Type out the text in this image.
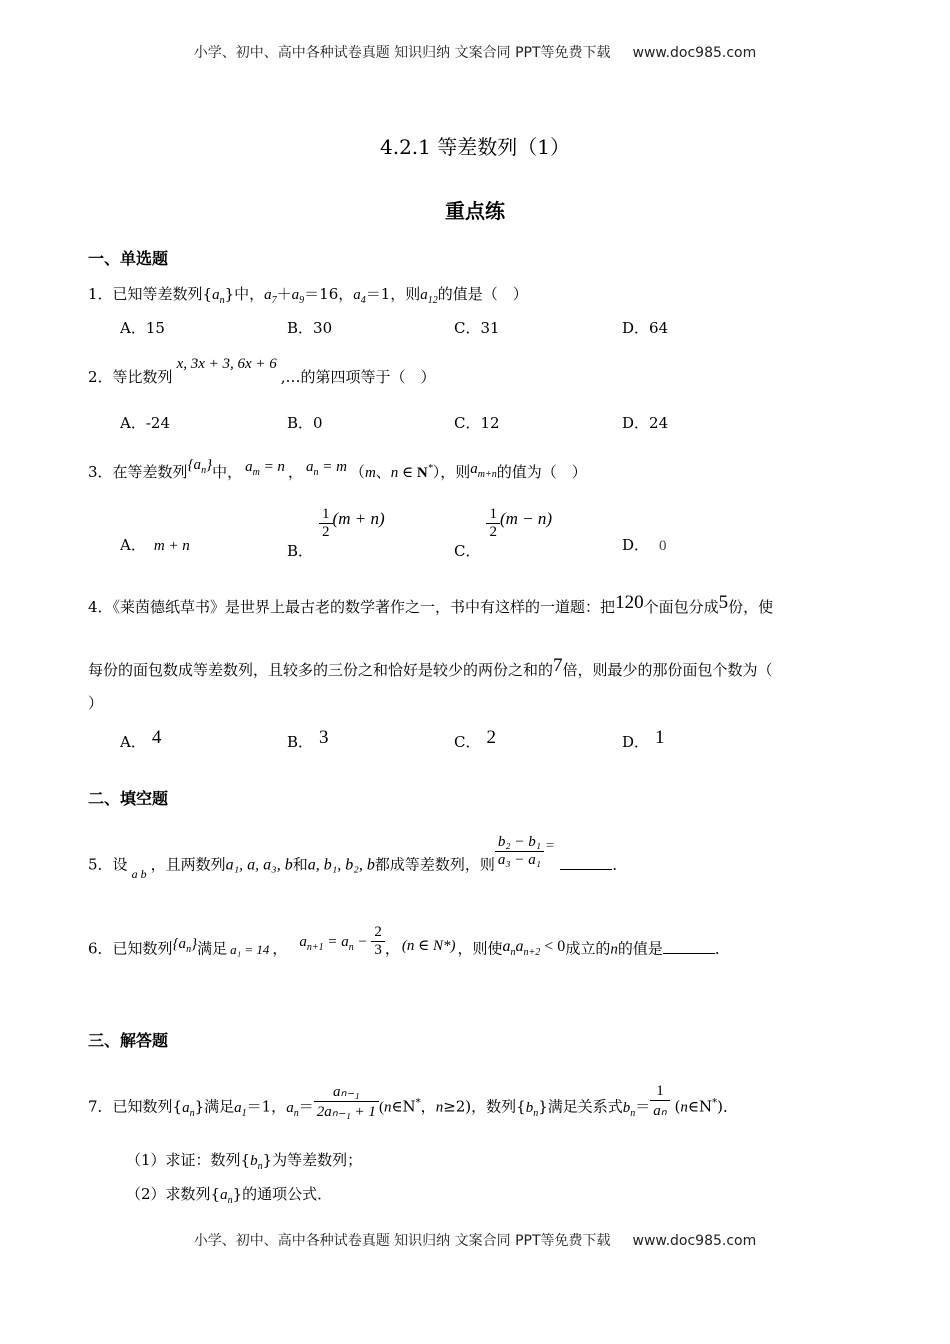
小学、初中、高中各种试卷真题 知识归纳 文案合同 PPT等免费下载 www.doc985.com
4.2.1 等差数列（1）
重点练
一、单选题
1．已知等差数列$\{a_n\}$中，$a_7+a_9=16$，$a_4=1$，则$a_{12}$的值是（　）
A．15	B．30	C．31	D．64
2．等比数列x, 3x + 3, 6x + 6,…的第四项等于（　）
A．-24	B．0	C．12	D．24
3．在等差数列$\{a_n\}$中， $a_m = n$ ， $a_n = m$ （m、n ∈ N*），则$a_{m+n}$的值为（　）
A． m + n	B．
$\frac{1}{2} (m + n)$
C．
$\frac{1}{2} (m - n)$
D． 0
4．《莱茵德纸草书》是世界上最古老的数学著作之一，书中有这样的一道题：把120个面包分成5份，使
每份的面包数成等差数列，且较多的三份之和恰好是较少的两份之和的7倍，则最少的那份面包个数为（
）
A． 4	B． 3	C． 2	D． 1
二、填空题
5．设 $_{a b}$ ，且两数列a₁, a, a₃, b和a, b₁, b₂, b都成等差数列，则 $\frac{\text{b₂ − b₁}}{\text{a₃ − a₁}}$ =．
6．已知数列$\{a_n\}$满足 a₁ = 14 ， $a_{n+1} = a_n - \frac{2}{3}$ ， (n ∈ N*) ，则使$a_na_{n+2} < 0$成立的n的值是	．
三、解答题
7．已知数列$\{a_n\}$满足$a_1=1$，$a_n= \frac{\text{aₙ₋₁}}{\text{2aₙ₋₁ + 1}}$ (n∈N*，n≥2)，数列$\{b_n\}$满足关系式$b_n= \frac{1}{\text{aₙ}}$ (n∈N*)．
（1）求证：数列$\{b_n\}$为等差数列；
（2）求数列$\{a_n\}$的通项公式．
小学、初中、高中各种试卷真题 知识归纳 文案合同 PPT等免费下载 www.doc985.com
